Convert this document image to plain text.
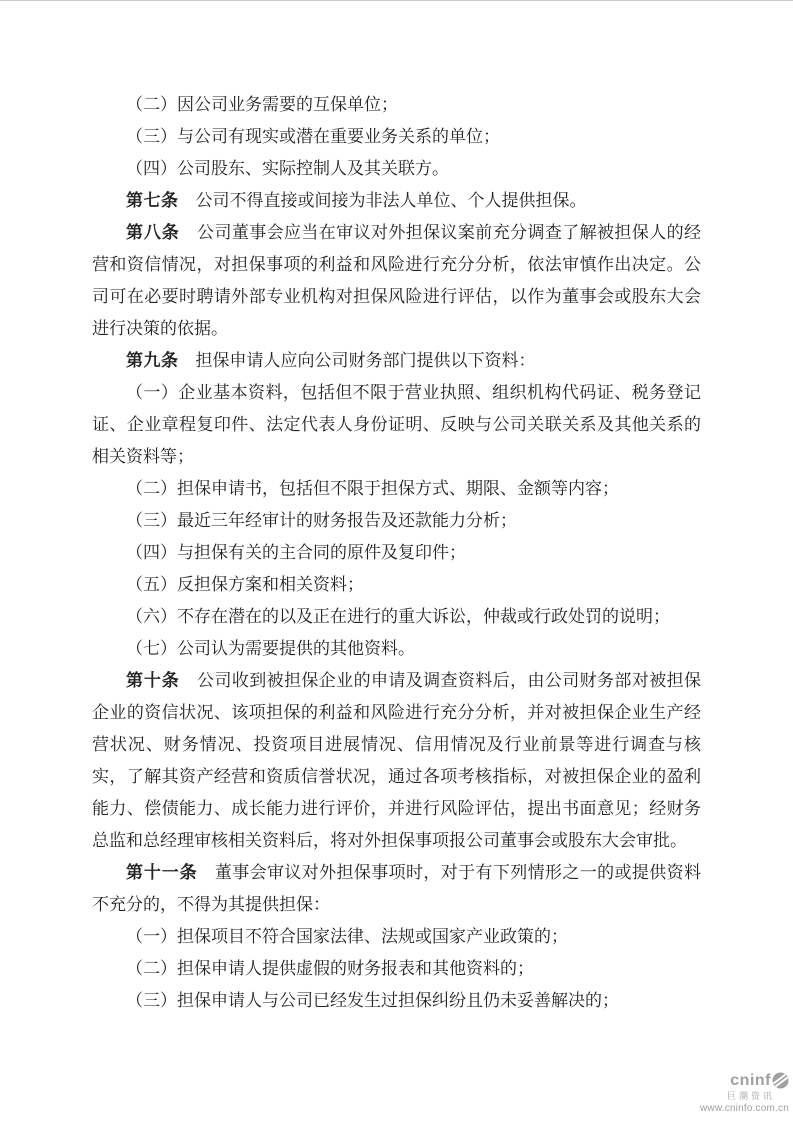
（二）因公司业务需要的互保单位；

（三）与公司有现实或潜在重要业务关系的单位；

（四）公司股东、实际控制人及其关联方。

第七条　公司不得直接或间接为非法人单位、个人提供担保。

第八条　公司董事会应当在审议对外担保议案前充分调查了解被担保人的经营和资信情况，对担保事项的利益和风险进行充分分析，依法审慎作出决定。公司可在必要时聘请外部专业机构对担保风险进行评估，以作为董事会或股东大会进行决策的依据。

第九条　担保申请人应向公司财务部门提供以下资料：

（一）企业基本资料，包括但不限于营业执照、组织机构代码证、税务登记证、企业章程复印件、法定代表人身份证明、反映与公司关联关系及其他关系的相关资料等；

（二）担保申请书，包括但不限于担保方式、期限、金额等内容；

（三）最近三年经审计的财务报告及还款能力分析；

（四）与担保有关的主合同的原件及复印件；

（五）反担保方案和相关资料；

（六）不存在潜在的以及正在进行的重大诉讼，仲裁或行政处罚的说明；

（七）公司认为需要提供的其他资料。

第十条　公司收到被担保企业的申请及调查资料后，由公司财务部对被担保企业的资信状况、该项担保的利益和风险进行充分分析，并对被担保企业生产经营状况、财务情况、投资项目进展情况、信用情况及行业前景等进行调查与核实，了解其资产经营和资质信誉状况，通过各项考核指标，对被担保企业的盈利能力、偿债能力、成长能力进行评价，并进行风险评估，提出书面意见；经财务总监和总经理审核相关资料后，将对外担保事项报公司董事会或股东大会审批。

第十一条　董事会审议对外担保事项时，对于有下列情形之一的或提供资料不充分的，不得为其提供担保：

（一）担保项目不符合国家法律、法规或国家产业政策的；

（二）担保申请人提供虚假的财务报表和其他资料的；

（三）担保申请人与公司已经发生过担保纠纷且仍未妥善解决的；

cninf
巨潮资讯
www.cninfo.com.cn
